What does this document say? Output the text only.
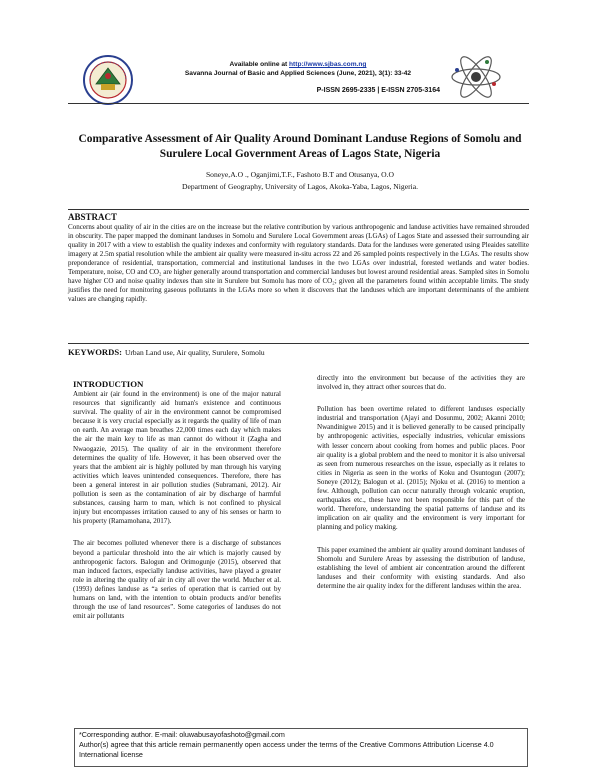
Available online at http://www.sjbas.com.ng
Savanna Journal of Basic and Applied Sciences (June, 2021), 3(1): 33-42
P-ISSN 2695-2335 | E-ISSN 2705-3164
Comparative Assessment of Air Quality Around Dominant Landuse Regions of Somolu and Surulere Local Government Areas of Lagos State, Nigeria
Soneye,A.O ., Oganjimi,T.F., Fashoto B.T and Otusanya, O.O
Department of Geography, University of Lagos, Akoka-Yaba, Lagos, Nigeria.
ABSTRACT
Concerns about quality of air in the cities are on the increase but the relative contribution by various anthropogenic and landuse activities have remained shrouded in obscurity. The paper mapped the dominant landuses in Somolu and Surulere Local Government areas (LGAs) of Lagos State and assessed their surrounding air quality in 2017 with a view to establish the quality indexes and conformity with regulatory standards. Data for the landuses were generated using Pleaides satellite imagery at 2.5m spatial resolution while the ambient air quality were measured in-situ across 22 and 26 sampled points respectively in the LGAs. The results show preponderance of residential, transportation, commercial and institutional landuses in the two LGAs over industrial, forested wetlands and water bodies. Temperature, noise, CO and CO₂ are higher generally around transportation and commercial landuses but lowest around residential areas. Sampled sites in Somolu have higher CO and noise quality indexes than site in Surulere but Somolu has more of CO₂; given all the parameters found within acceptable limits. The study justifies the need for monitoring gaseous pollutants in the LGAs more so when it discovers that the landuses which are important determinants of the ambient values are changing rapidly.
KEYWORDS: Urban Land use, Air quality, Surulere, Somolu
INTRODUCTION

Ambient air (air found in the environment) is one of the major natural resources that significantly aid human's existence and continuous survival. The quality of air in the environment cannot be compromised because it is very crucial especially as it regards the quality of life of man on earth. An average man breathes 22,000 times each day which makes the air the main key to life as man cannot do without it (Zagha and Nwaogazie, 2015). The quality of air in the environment therefore determines the quality of life. However, it has been observed over the years that the ambient air is highly polluted by man through his varying activities which leaves unintended consequences. Therefore, there has been a general interest in air pollution studies (Subramani, 2012). Air pollution is seen as the contamination of air by discharge of harmful substances, causing harm to man, which is not confined to physical injury but encompasses irritation caused to any of his senses or harm to his property (Ramamohana, 2017).

The air becomes polluted whenever there is a discharge of substances beyond a particular threshold into the air which is majorly caused by anthropogenic factors. Balogun and Orimogunje (2015), observed that man induced factors, especially landuse activities, have played a greater role in altering the quality of air in city all over the world. Mucher et al. (1993) defines landuse as “a series of operation that is carried out by humans on land, with the intention to obtain products and/or benefits through the use of land resources”. Some categories of landuses do not emit air pollutants

directly into the environment but because of the activities they are involved in, they attract other sources that do.

Pollution has been overtime related to different landuses especially industrial and transportation (Ajayi and Dosunmu, 2002; Akanni 2010; Nwandinigwe 2015) and it is believed generally to be caused principally by anthropogenic activities, especially industries, vehicular emissions with lesser concern about cooking from homes and public places. Poor air quality is a global problem and the need to monitor it is also universal as seen from numerous researches on the issue, especially as it relates to cities in Nigeria as seen in the works of Koku and Osuntogun (2007); Soneye (2012); Balogun et al. (2015); Njoku et al. (2016) to mention a few. Although, pollution can occur naturally through volcanic eruption, earthquakes etc., these have not been responsible for this part of the world. Therefore, understanding the spatial patterns of landuse and its implication on air quality and the environment is very important for planning and policy making.

This paper examined the ambient air quality around dominant landuses of Shomolu and Surulere Areas by assessing the distribution of landuse, establishing the level of ambient air concentration around the different landuses and their conformity with existing standards. And also determine the air quality index for the different landuses within the area.

*Corresponding author. E-mail: oluwabusayofashoto@gmail.com
Author(s) agree that this article remain permanently open access under the terms of the Creative Commons Attribution License 4.0 International license
